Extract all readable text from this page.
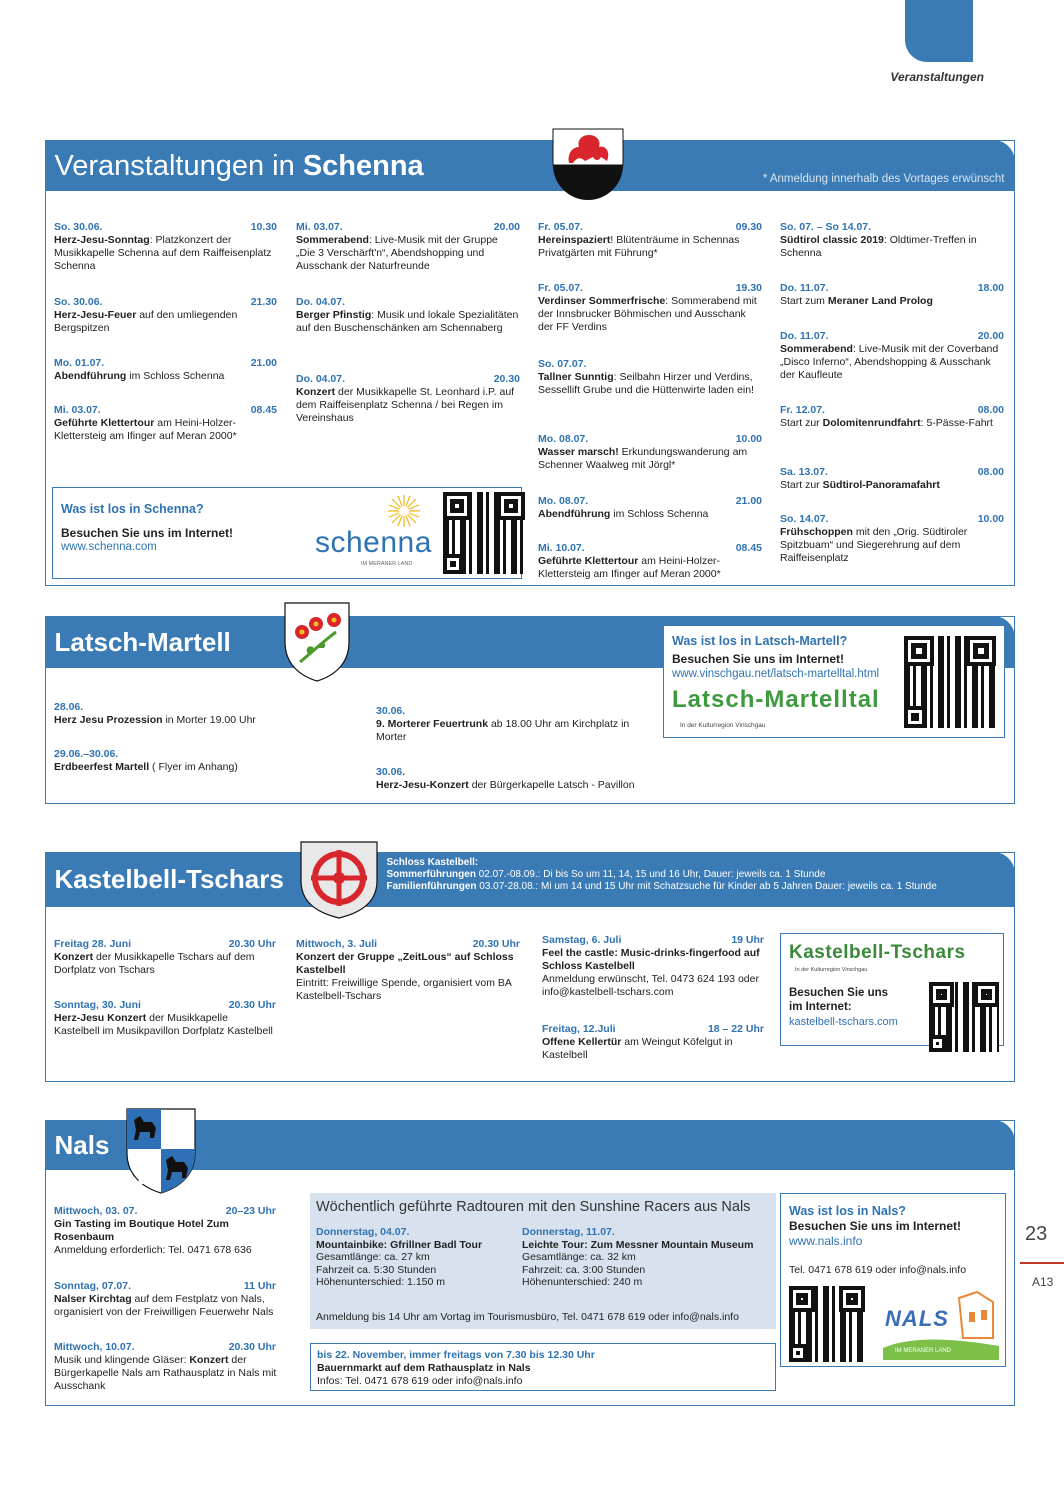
Veranstaltungen
Veranstaltungen in Schenna	* Anmeldung innerhalb des Vortages erwünscht
So. 30.06.	10.30
Herz-Jesu-Sonntag: Platzkonzert der Musikkapelle Schenna auf dem Raiffeisenplatz Schenna
So. 30.06.	21.30
Herz-Jesu-Feuer auf den umliegenden Bergspitzen
Mo. 01.07.	21.00
Abendführung im Schloss Schenna
Mi. 03.07.	08.45
Geführte Klettertour am Heini-Holzer-Klettersteig am Ifinger auf Meran 2000*
Mi. 03.07.	20.00
Sommerabend: Live-Musik mit der Gruppe „Die 3 Verschärft'n“, Abendshopping und Ausschank der Naturfreunde
Do. 04.07.
Berger Pfinstig: Musik und lokale Spezialitäten auf den Buschenschänken am Schennaberg
Do. 04.07.	20.30
Konzert der Musikkapelle St. Leonhard i.P. auf dem Raiffeisenplatz Schenna / bei Regen im Vereinshaus
Fr. 05.07.	09.30
Hereinspaziert! Blütenträume in Schennas Privatgärten mit Führung*
Fr. 05.07.	19.30
Verdinser Sommerfrische: Sommerabend mit der Innsbrucker Böhmischen und Ausschank der FF Verdins
So. 07.07.
Tallner Sunntig: Seilbahn Hirzer und Verdins, Sessellift Grube und die Hüttenwirte laden ein!
Mo. 08.07.	10.00
Wasser marsch! Erkundungswanderung am Schenner Waalweg mit Jörgl*
Mo. 08.07.	21.00
Abendführung im Schloss Schenna
Mi. 10.07.	08.45
Geführte Klettertour am Heini-Holzer-Klettersteig am Ifinger auf Meran 2000*
So. 07. – So 14.07.
Südtirol classic 2019: Oldtimer-Treffen in Schenna
Do. 11.07.	18.00
Start zum Meraner Land Prolog
Do. 11.07.	20.00
Sommerabend: Live-Musik mit der Coverband „Disco Inferno“, Abendshopping & Ausschank der Kaufleute
Fr. 12.07.	08.00
Start zur Dolomitenrundfahrt: 5-Pässe-Fahrt
Sa. 13.07.	08.00
Start zur Südtirol-Panoramafahrt
So. 14.07.	10.00
Frühschoppen mit den „Orig. Südtiroler Spitzbuam“ und Siegerehrung auf dem Raiffeisenplatz
Was ist los in Schenna?
Besuchen Sie uns im Internet!
www.schenna.com	schenna
IM MERANER LAND
Latsch-Martell
28.06.
Herz Jesu Prozession in Morter 19.00 Uhr
29.06.–30.06.
Erdbeerfest Martell ( Flyer im Anhang)
30.06.
9. Morterer Feuertrunk ab 18.00 Uhr am Kirchplatz in Morter
30.06.
Herz-Jesu-Konzert der Bürgerkapelle Latsch - Pavillon
Was ist los in Latsch-Martell?
Besuchen Sie uns im Internet!
www.vinschgau.net/latsch-martelltal.html
Latsch-Martelltal
In der Kulturregion Vinschgau
Kastelbell-Tschars
Schloss Kastelbell:
Sommerführungen 02.07.-08.09.: Di bis So um 11, 14, 15 und 16 Uhr, Dauer: jeweils ca. 1 Stunde
Familienführungen 03.07-28.08.: Mi um 14 und 15 Uhr mit Schatzsuche für Kinder ab 5 Jahren Dauer: jeweils ca. 1 Stunde
Freitag 28. Juni	20.30 Uhr
Konzert der Musikkapelle Tschars auf dem Dorfplatz von Tschars
Sonntag, 30. Juni	20.30 Uhr
Herz-Jesu Konzert der Musikkapelle Kastelbell im Musikpavillon Dorfplatz Kastelbell
Mittwoch, 3. Juli	20.30 Uhr
Konzert der Gruppe „ZeitLous“ auf Schloss Kastelbell
Eintritt: Freiwillige Spende, organisiert vom BA Kastelbell-Tschars
Samstag, 6. Juli	19 Uhr
Feel the castle: Music-drinks-fingerfood auf Schloss Kastelbell
Anmeldung erwünscht, Tel. 0473 624 193 oder info@kastelbell-tschars.com
Freitag, 12.Juli	18 – 22 Uhr
Offene Kellertür am Weingut Köfelgut in Kastelbell
Kastelbell-Tschars
In der Kulturregion Vinschgau
Besuchen Sie uns im Internet:
kastelbell-tschars.com
Nals
Mittwoch, 03. 07.	20–23 Uhr
Gin Tasting im Boutique Hotel Zum Rosenbaum
Anmeldung erforderlich: Tel. 0471 678 636
Sonntag, 07.07.	11 Uhr
Nalser Kirchtag auf dem Festplatz von Nals, organisiert von der Freiwilligen Feuerwehr Nals
Mittwoch, 10.07.	20.30 Uhr
Musik und klingende Gläser: Konzert der Bürgerkapelle Nals am Rathausplatz in Nals mit Ausschank
Wöchentlich geführte Radtouren mit den Sunshine Racers aus Nals
Donnerstag, 04.07.
Mountainbike: Gfrillner Badl Tour
Gesamtlänge: ca. 27 km
Fahrzeit ca. 5:30 Stunden
Höhenunterschied: 1.150 m
Donnerstag, 11.07.
Leichte Tour: Zum Messner Mountain Museum
Gesamtlänge: ca. 32 km
Fahrzeit: ca. 3:00 Stunden
Höhenunterschied: 240 m
Anmeldung bis 14 Uhr am Vortag im Tourismusbüro, Tel. 0471 678 619 oder info@nals.info
bis 22. November, immer freitags von 7.30 bis 12.30 Uhr
Bauernmarkt auf dem Rathausplatz in Nals
Infos: Tel. 0471 678 619 oder info@nals.info
Was ist los in Nals?
Besuchen Sie uns im Internet!
www.nals.info
Tel. 0471 678 619 oder info@nals.info
NALS
IM MERANER LAND
23
A13
